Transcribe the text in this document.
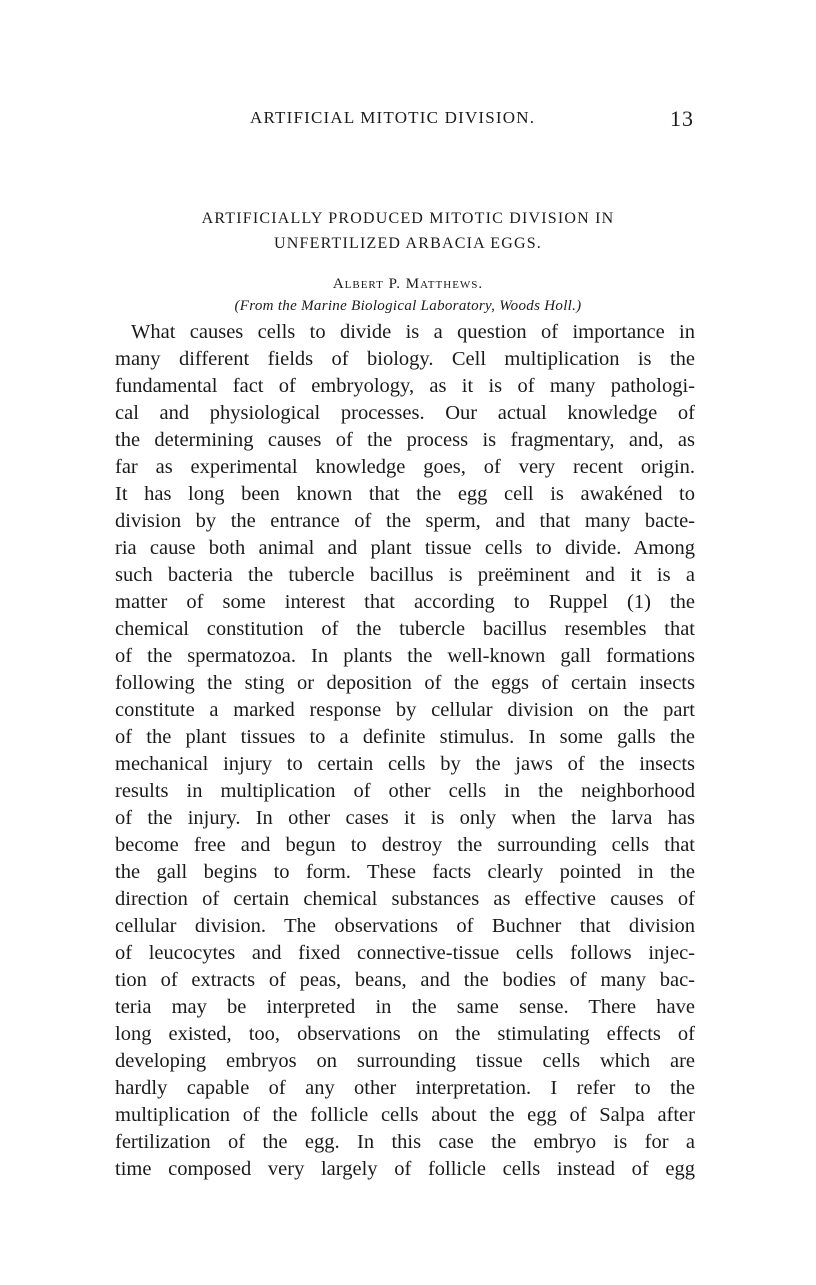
ARTIFICIAL MITOTIC DIVISION.	13
ARTIFICIALLY PRODUCED MITOTIC DIVISION IN
UNFERTILIZED ARBACIA EGGS.
Albert P. Matthews.
(From the Marine Biological Laboratory, Woods Holl.)
What causes cells to divide is a question of importance in
many different fields of biology. Cell multiplication is the
fundamental fact of embryology, as it is of many pathologi-
cal and physiological processes. Our actual knowledge of
the determining causes of the process is fragmentary, and, as
far as experimental knowledge goes, of very recent origin.
It has long been known that the egg cell is awakéned to
division by the entrance of the sperm, and that many bacte-
ria cause both animal and plant tissue cells to divide. Among
such bacteria the tubercle bacillus is preëminent and it is a
matter of some interest that according to Ruppel (1) the
chemical constitution of the tubercle bacillus resembles that
of the spermatozoa. In plants the well-known gall formations
following the sting or deposition of the eggs of certain insects
constitute a marked response by cellular division on the part
of the plant tissues to a definite stimulus. In some galls the
mechanical injury to certain cells by the jaws of the insects
results in multiplication of other cells in the neighborhood
of the injury. In other cases it is only when the larva has
become free and begun to destroy the surrounding cells that
the gall begins to form. These facts clearly pointed in the
direction of certain chemical substances as effective causes of
cellular division. The observations of Buchner that division
of leucocytes and fixed connective-tissue cells follows injec-
tion of extracts of peas, beans, and the bodies of many bac-
teria may be interpreted in the same sense. There have
long existed, too, observations on the stimulating effects of
developing embryos on surrounding tissue cells which are
hardly capable of any other interpretation. I refer to the
multiplication of the follicle cells about the egg of Salpa after
fertilization of the egg. In this case the embryo is for a
time composed very largely of follicle cells instead of egg
